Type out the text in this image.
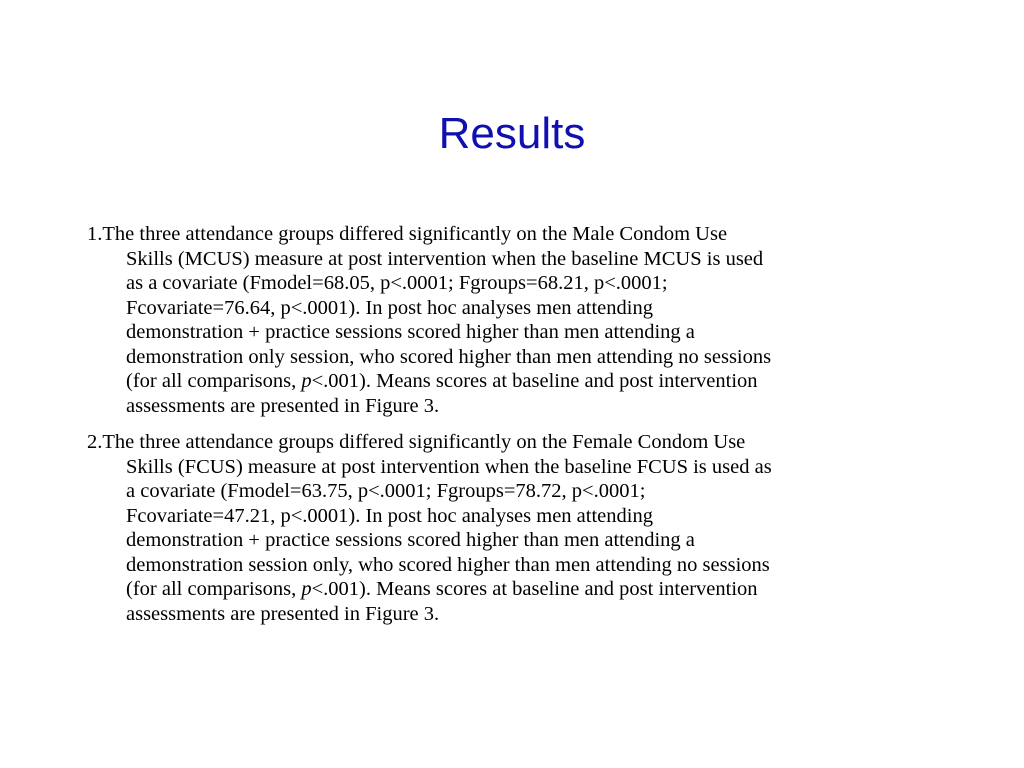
Results
1.The three attendance groups differed significantly on the Male Condom Use
Skills (MCUS) measure at post intervention when the baseline MCUS is used
as a covariate (Fmodel=68.05, p<.0001; Fgroups=68.21, p<.0001;
Fcovariate=76.64, p<.0001). In post hoc analyses men attending
demonstration + practice sessions scored higher than men attending a
demonstration only session, who scored higher than men attending no sessions
(for all comparisons, p<.001). Means scores at baseline and post intervention
assessments are presented in Figure 3.
2.The three attendance groups differed significantly on the Female Condom Use
Skills (FCUS) measure at post intervention when the baseline FCUS is used as
a covariate (Fmodel=63.75, p<.0001; Fgroups=78.72, p<.0001;
Fcovariate=47.21, p<.0001). In post hoc analyses men attending
demonstration + practice sessions scored higher than men attending a
demonstration session only, who scored higher than men attending no sessions
(for all comparisons, p<.001). Means scores at baseline and post intervention
assessments are presented in Figure 3.
